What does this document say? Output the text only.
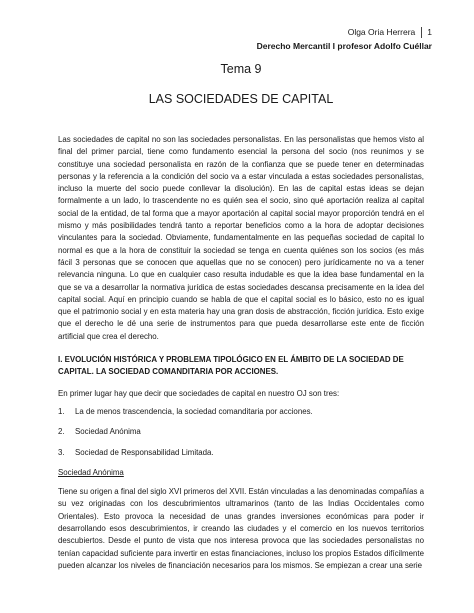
Olga Oria Herrera 1
Derecho Mercantil I profesor Adolfo Cuéllar
Tema 9
LAS SOCIEDADES DE CAPITAL
Las sociedades de capital no son las sociedades personalistas. En las personalistas que hemos visto al final del primer parcial, tiene como fundamento esencial la persona del socio (nos reunimos y se constituye una sociedad personalista en razón de la confianza que se puede tener en determinadas personas y la referencia a la condición del socio va a estar vinculada a estas sociedades personalistas, incluso la muerte del socio puede conllevar la disolución). En las de capital estas ideas se dejan formalmente a un lado, lo trascendente no es quién sea el socio, sino qué aportación realiza al capital social de la entidad, de tal forma que a mayor aportación al capital social mayor proporción tendrá en el mismo y más posibilidades tendrá tanto a reportar beneficios como a la hora de adoptar decisiones vinculantes para la sociedad. Obviamente, fundamentalmente en las pequeñas sociedad de capital lo normal es que a la hora de constituir la sociedad se tenga en cuenta quiénes son los socios (es más fácil 3 personas que se conocen que aquellas que no se conocen) pero jurídicamente no va a tener relevancia ninguna. Lo que en cualquier caso resulta indudable es que la idea base fundamental en la que se va a desarrollar la normativa jurídica de estas sociedades descansa precisamente en la idea del capital social. Aquí en principio cuando se habla de que el capital social es lo básico, esto no es igual que el patrimonio social y en esta materia hay una gran dosis de abstracción, ficción jurídica. Esto exige que el derecho le dé una serie de instrumentos para que pueda desarrollarse este ente de ficción artificial que crea el derecho.
I. EVOLUCIÓN HISTÓRICA Y PROBLEMA TIPOLÓGICO EN EL ÁMBITO DE LA SOCIEDAD DE CAPITAL. LA SOCIEDAD COMANDITARIA POR ACCIONES.
En primer lugar hay que decir que sociedades de capital en nuestro OJ son tres:
1.	La de menos trascendencia, la sociedad comanditaria por acciones.
2.	Sociedad Anónima
3.	Sociedad de Responsabilidad Limitada.
Sociedad Anónima
Tiene su origen a final del siglo XVI primeros del XVII. Están vinculadas a las denominadas compañías a su vez originadas con los descubrimientos ultramarinos (tanto de las Indias Occidentales como Orientales). Esto provoca la necesidad de unas grandes inversiones económicas para poder ir desarrollando esos descubrimientos, ir creando las ciudades y el comercio en los nuevos territorios descubiertos. Desde el punto de vista que nos interesa provoca que las sociedades personalistas no tenían capacidad suficiente para invertir en estas financiaciones, incluso los propios Estados difícilmente pueden alcanzar los niveles de financiación necesarios para los mismos. Se empiezan a crear una serie
